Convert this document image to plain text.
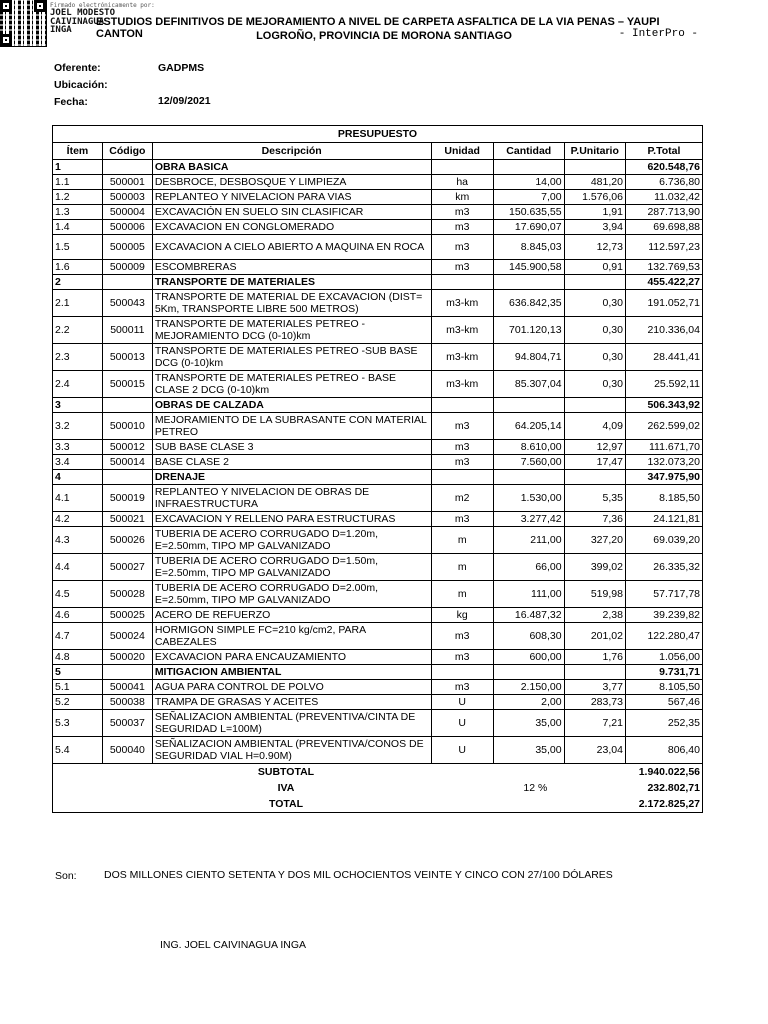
Firmado electrónicamente por:
JOEL MODESTO
CAIVINAGUA
INGA
ESTUDIOS DEFINITIVOS DE MEJORAMIENTO A NIVEL DE CARPETA ASFALTICA DE LA VIA PENAS – YAUPI CANTON	LOGROÑO, PROVINCIA DE MORONA SANTIAGO	- InterPro -
Oferente:	GADPMS
Ubicación:
Fecha:	12/09/2021
PRESUPUESTO						
Ítem	Código	Descripción	Unidad	Cantidad	P.Unitario	P.Total
1		OBRA BASICA				620.548,76
1.1	500001	DESBROCE, DESBOSQUE Y LIMPIEZA	ha	14,00	481,20	6.736,80
1.2	500003	REPLANTEO Y NIVELACION PARA VIAS	km	7,00	1.576,06	11.032,42
1.3	500004	EXCAVACIÓN EN SUELO SIN CLASIFICAR	m3	150.635,55	1,91	287.713,90
1.4	500006	EXCAVACION EN CONGLOMERADO	m3	17.690,07	3,94	69.698,88
1.5	500005	EXCAVACION A CIELO ABIERTO A MAQUINA EN ROCA	m3	8.845,03	12,73	112.597,23
1.6	500009	ESCOMBRERAS	m3	145.900,58	0,91	132.769,53
2		TRANSPORTE DE MATERIALES				455.422,27
2.1	500043	TRANSPORTE DE MATERIAL DE EXCAVACION (DIST= 5Km, TRANSPORTE LIBRE 500 METROS)	m3-km	636.842,35	0,30	191.052,71
2.2	500011	TRANSPORTE DE MATERIALES PETREO - MEJORAMIENTO DCG (0-10)km	m3-km	701.120,13	0,30	210.336,04
2.3	500013	TRANSPORTE DE MATERIALES PETREO -SUB BASE DCG (0-10)km	m3-km	94.804,71	0,30	28.441,41
2.4	500015	TRANSPORTE DE MATERIALES PETREO - BASE CLASE 2 DCG (0-10)km	m3-km	85.307,04	0,30	25.592,11
3		OBRAS DE CALZADA				506.343,92
3.2	500010	MEJORAMIENTO DE LA SUBRASANTE CON MATERIAL PETREO	m3	64.205,14	4,09	262.599,02
3.3	500012	SUB BASE CLASE 3	m3	8.610,00	12,97	111.671,70
3.4	500014	BASE CLASE 2	m3	7.560,00	17,47	132.073,20
4		DRENAJE				347.975,90
4.1	500019	REPLANTEO Y NIVELACION DE OBRAS DE INFRAESTRUCTURA	m2	1.530,00	5,35	8.185,50
4.2	500021	EXCAVACION Y RELLENO PARA ESTRUCTURAS	m3	3.277,42	7,36	24.121,81
4.3	500026	TUBERIA DE ACERO CORRUGADO D=1.20m, E=2.50mm, TIPO MP GALVANIZADO	m	211,00	327,20	69.039,20
4.4	500027	TUBERIA DE ACERO CORRUGADO D=1.50m, E=2.50mm, TIPO MP GALVANIZADO	m	66,00	399,02	26.335,32
4.5	500028	TUBERIA DE ACERO CORRUGADO D=2.00m, E=2.50mm, TIPO MP GALVANIZADO	m	111,00	519,98	57.717,78
4.6	500025	ACERO DE REFUERZO	kg	16.487,32	2,38	39.239,82
4.7	500024	HORMIGON SIMPLE FC=210 kg/cm2, PARA CABEZALES	m3	608,30	201,02	122.280,47
4.8	500020	EXCAVACION PARA ENCAUZAMIENTO	m3	600,00	1,76	1.056,00
5		MITIGACION AMBIENTAL				9.731,71
5.1	500041	AGUA PARA CONTROL DE POLVO	m3	2.150,00	3,77	8.105,50
5.2	500038	TRAMPA DE GRASAS Y ACEITES	U	2,00	283,73	567,46
5.3	500037	SEÑALIZACION AMBIENTAL (PREVENTIVA/CINTA DE SEGURIDAD L=100M)	U	35,00	7,21	252,35
5.4	500040	SEÑALIZACION AMBIENTAL (PREVENTIVA/CONOS DE SEGURIDAD VIAL H=0.90M)	U	35,00	23,04	806,40
SUBTOTAL						1.940.022,56
IVA				12 %		232.802,71
TOTAL						2.172.825,27
Son:	DOS MILLONES CIENTO SETENTA Y DOS MIL OCHOCIENTOS VEINTE Y CINCO CON 27/100 DÓLARES
ING. JOEL CAIVINAGUA INGA
